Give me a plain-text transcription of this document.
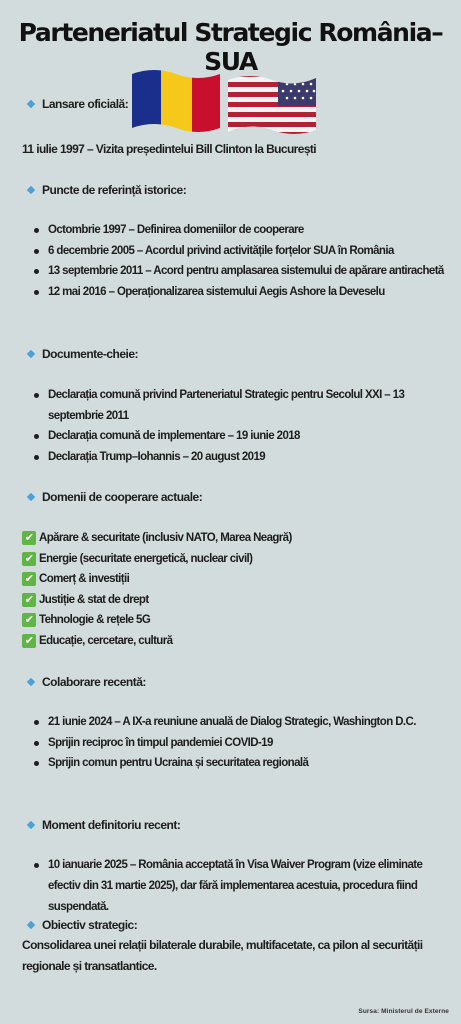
Parteneriatul Strategic România–SUA
Lansare oficială:
11 iulie 1997 – Vizita președintelui Bill Clinton la București
Puncte de referință istorice:
Octombrie 1997 – Definirea domeniilor de cooperare
6 decembrie 2005 – Acordul privind activitățile forțelor SUA în România
13 septembrie 2011 – Acord pentru amplasarea sistemului de apărare antirachetă
12 mai 2016 – Operaționalizarea sistemului Aegis Ashore la Deveselu
Documente-cheie:
Declarația comună privind Parteneriatul Strategic pentru Secolul XXI – 13 septembrie 2011
Declarația comună de implementare – 19 iunie 2018
Declarația Trump–Iohannis – 20 august 2019
Domenii de cooperare actuale:
✔ Apărare & securitate (inclusiv NATO, Marea Neagră)
✔ Energie (securitate energetică, nuclear civil)
✔ Comerț & investiții
✔ Justiție & stat de drept
✔ Tehnologie & rețele 5G
✔ Educație, cercetare, cultură
Colaborare recentă:
21 iunie 2024 – A IX-a reuniune anuală de Dialog Strategic, Washington D.C.
Sprijin reciproc în timpul pandemiei COVID-19
Sprijin comun pentru Ucraina și securitatea regională
Moment definitoriu recent:
10 ianuarie 2025 – România acceptată în Visa Waiver Program (vize eliminate efectiv din 31 martie 2025), dar fără implementarea acestuia, procedura fiind suspendată.
Obiectiv strategic:
Consolidarea unei relații bilaterale durabile, multifacetate, ca pilon al securității regionale și transatlantice.
Sursa: Ministerul de Externe
